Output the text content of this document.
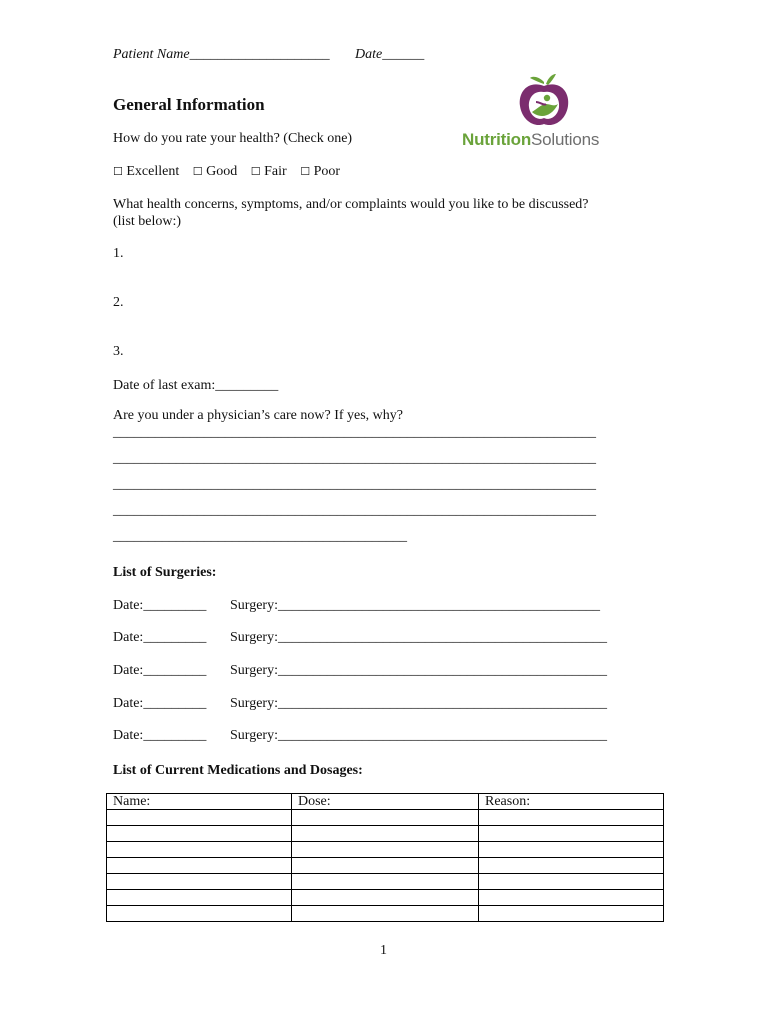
Patient Name____________________ Date______
General Information
NutritionSolutions
How do you rate your health? (Check one)
☐ Excellent ☐ Good ☐ Fair ☐ Poor
What health concerns, symptoms, and/or complaints would you like to be discussed?
(list below:)
1.
2.
3.
Date of last exam:_________
Are you under a physician’s care now? If yes, why?
_____________________________________________________________________
_____________________________________________________________________
_____________________________________________________________________
_____________________________________________________________________
__________________________________________
List of Surgeries:
Date:_________ Surgery:______________________________________________
Date:_________ Surgery:_______________________________________________
Date:_________ Surgery:_______________________________________________
Date:_________ Surgery:_______________________________________________
Date:_________ Surgery:_______________________________________________
List of Current Medications and Dosages:
Name:	Dose:	Reason:

1
